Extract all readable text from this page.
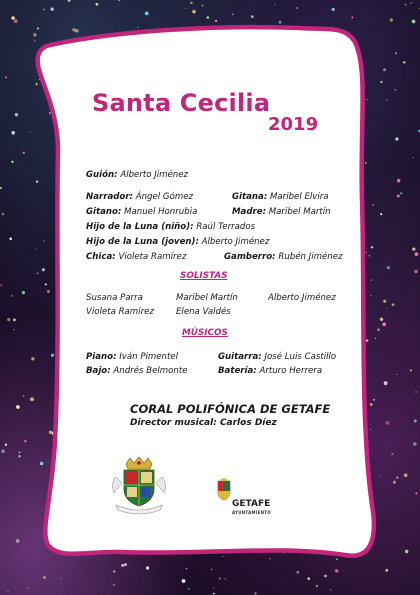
Santa Cecilia
2019
Guión: Alberto Jiménez
Narrador: Ángel Gómez	Gitana: Maribel Elvira
Gitano: Manuel Honrubia	Madre: Maribel Martín
Hijo de la Luna (niño): Raúl Terrados
Hijo de la Luna (joven): Alberto Jiménez
Chica: Violeta Ramírez	Gamberro: Rubén Jiménez
SOLISTAS
Susana Parra	Maribel Martín	Alberto Jiménez
Violeta Ramírez	Elena Valdés
MÚSICOS
Piano: Iván Pimentel	Guitarra: José Luis Castillo
Bajo: Andrés Belmonte	Batería: Arturo Herrera
CORAL POLIFÓNICA DE GETAFE
Director musical: Carlos Díez
GETAFE
AYUNTAMIENTO
